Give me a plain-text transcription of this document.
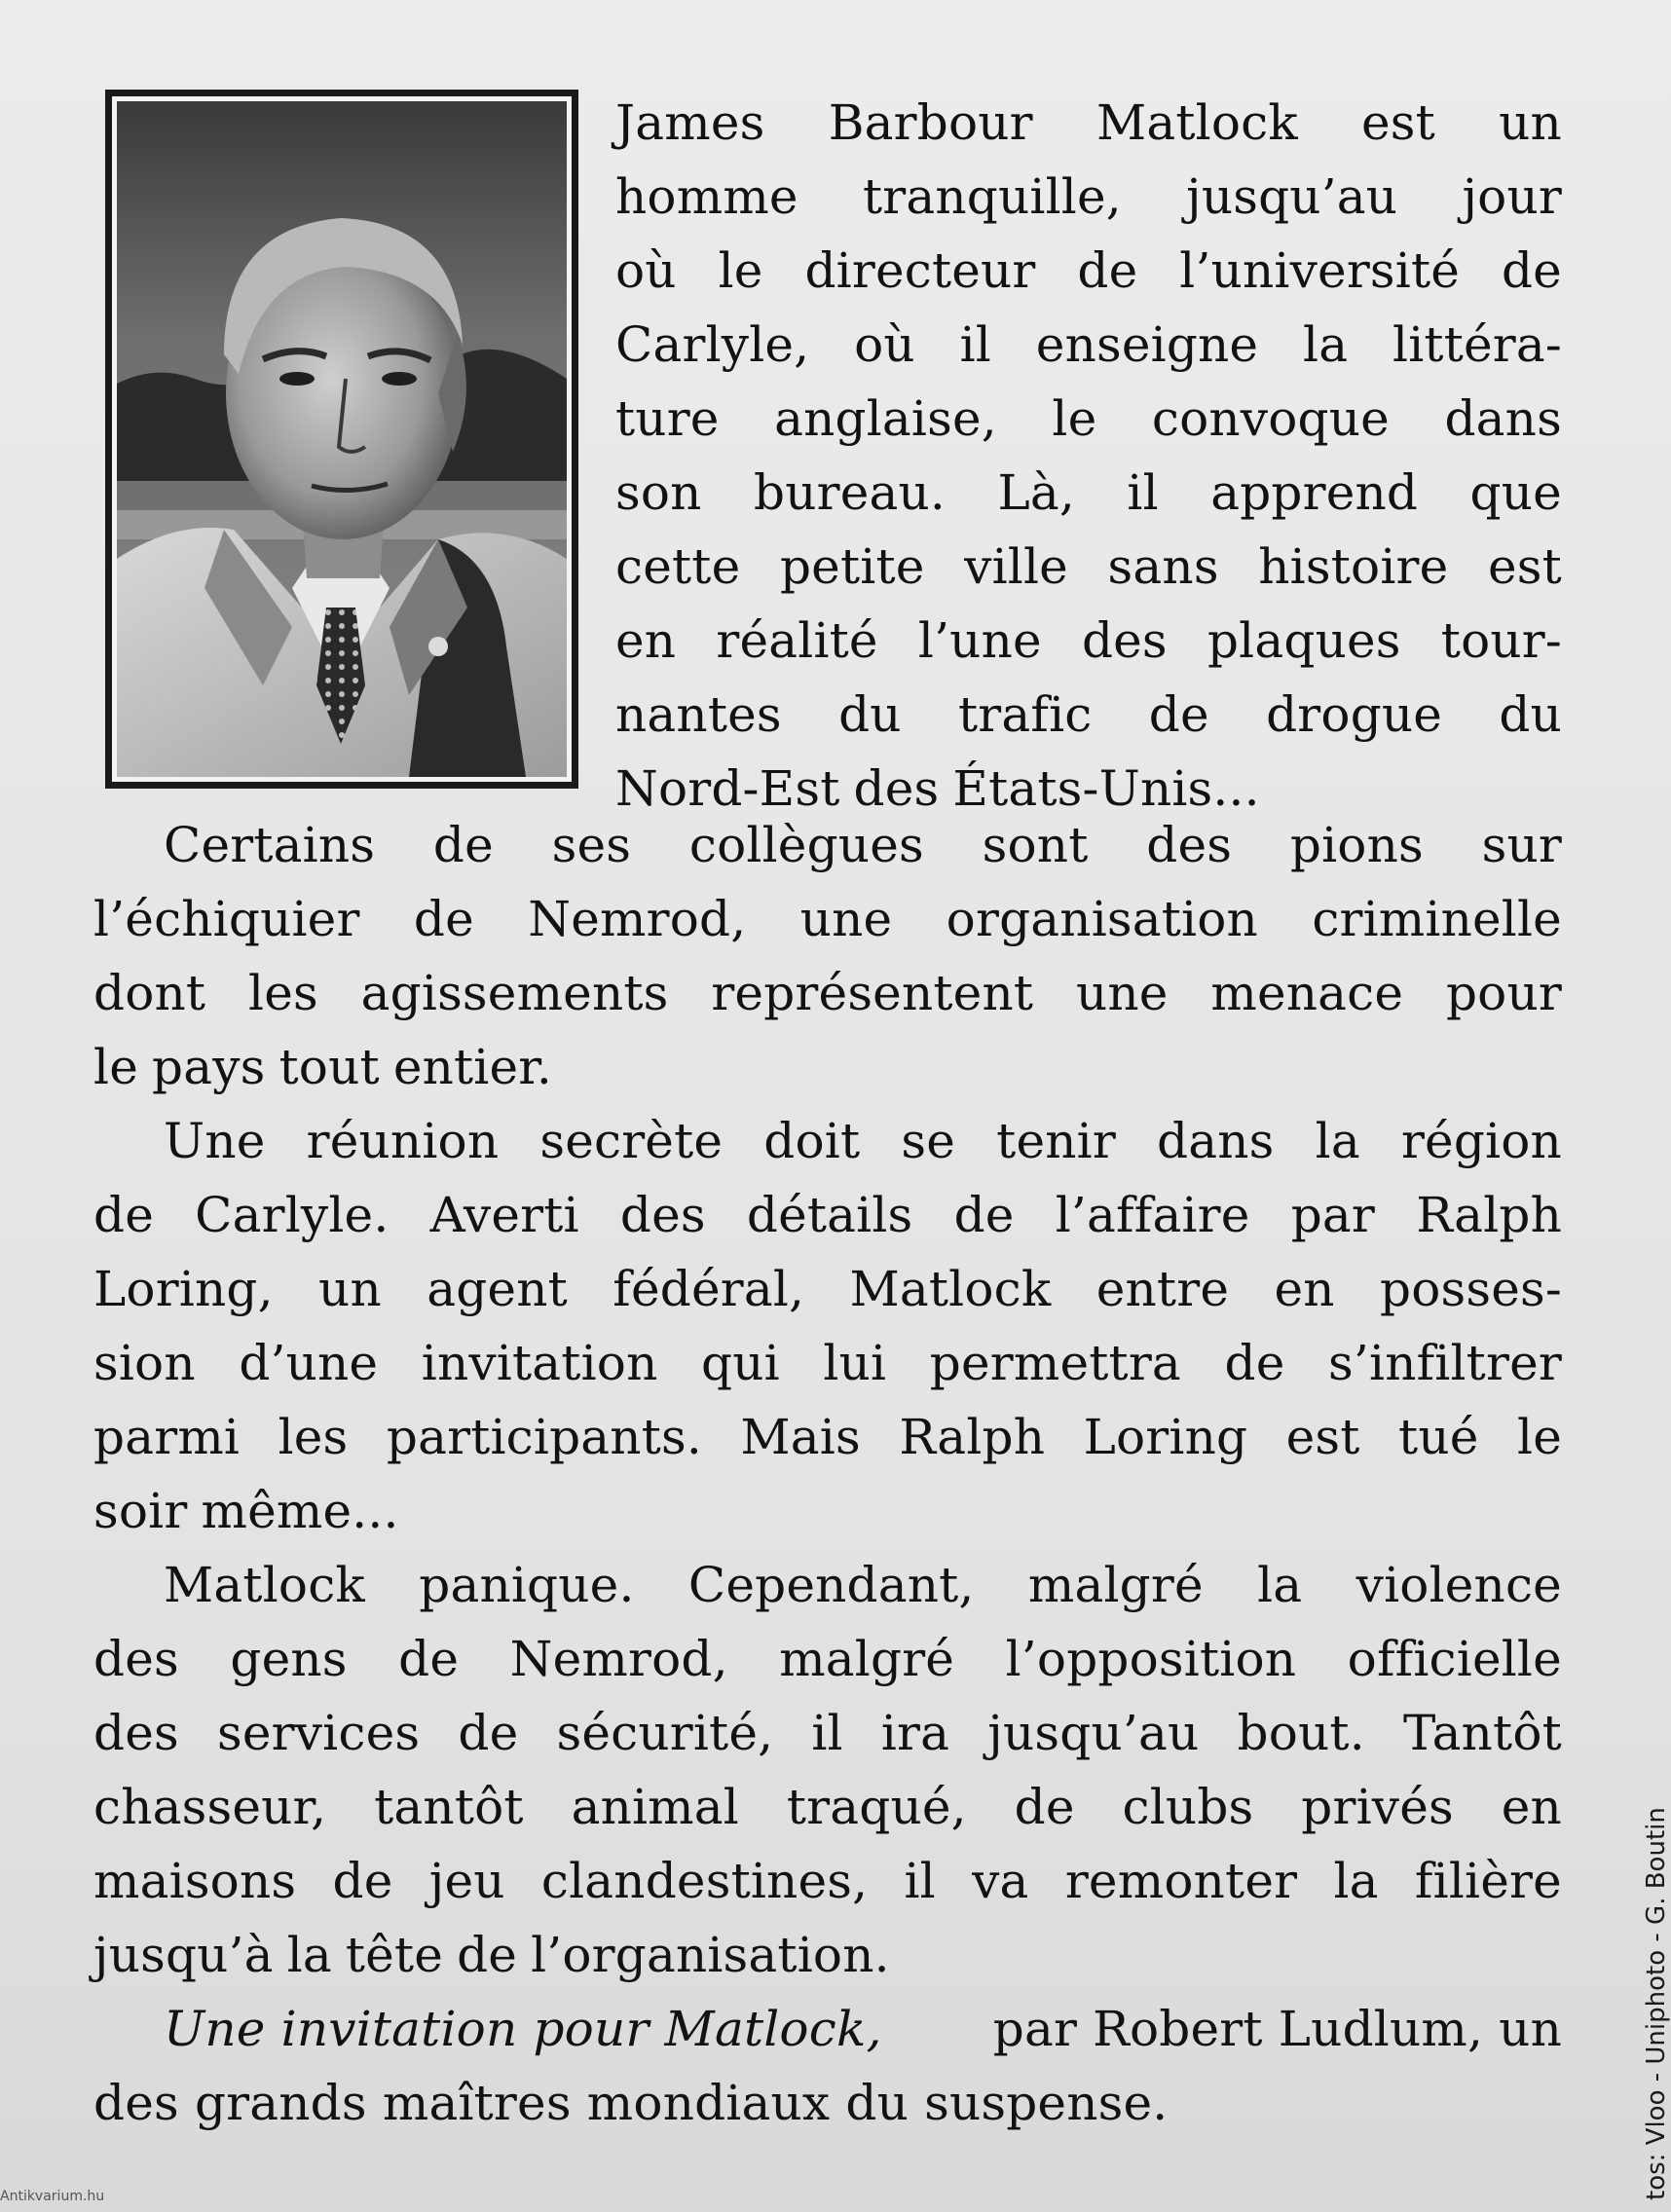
James Barbour Matlock est un
homme tranquille, jusqu’au jour
où le directeur de l’université de
Carlyle, où il enseigne la littéra-
ture anglaise, le convoque dans
son bureau. Là, il apprend que
cette petite ville sans histoire est
en réalité l’une des plaques tour-
nantes du trafic de drogue du
Nord-Est des États-Unis...
Certains de ses collègues sont des pions sur
l’échiquier de Nemrod, une organisation criminelle
dont les agissements représentent une menace pour
le pays tout entier.
Une réunion secrète doit se tenir dans la région
de Carlyle. Averti des détails de l’affaire par Ralph
Loring, un agent fédéral, Matlock entre en posses-
sion d’une invitation qui lui permettra de s’infiltrer
parmi les participants. Mais Ralph Loring est tué le
soir même...
Matlock panique. Cependant, malgré la violence
des gens de Nemrod, malgré l’opposition officielle
des services de sécurité, il ira jusqu’au bout. Tantôt
chasseur, tantôt animal traqué, de clubs privés en
maisons de jeu clandestines, il va remonter la filière
jusqu’à la tête de l’organisation.
Une invitation pour Matlock, par Robert Ludlum, un
des grands maîtres mondiaux du suspense.	tos: Vloo - Uniphoto - G. Boutin
Antikvarium.hu
